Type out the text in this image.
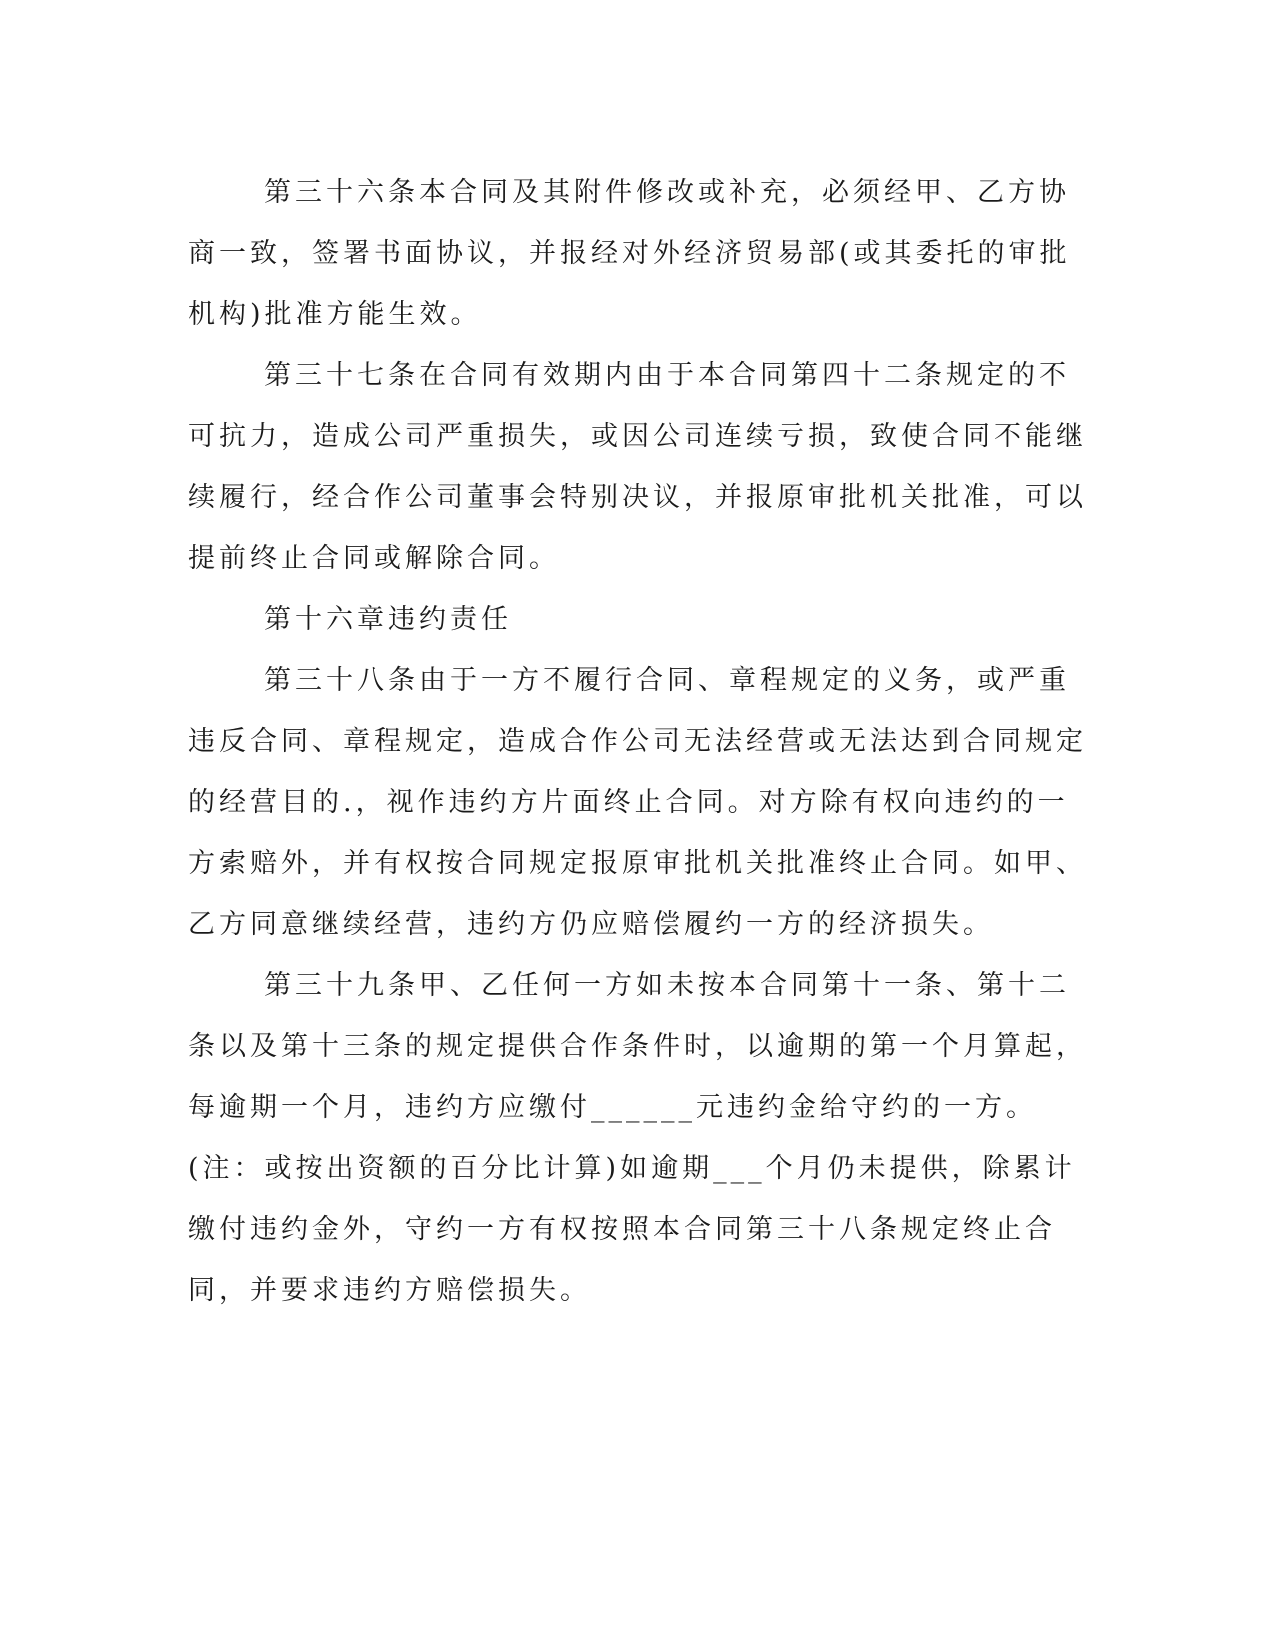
第三十六条本合同及其附件修改或补充，必须经甲、乙方协商一致，签署书面协议，并报经对外经济贸易部(或其委托的审批机构)批准方能生效。

第三十七条在合同有效期内由于本合同第四十二条规定的不可抗力，造成公司严重损失，或因公司连续亏损，致使合同不能继续履行，经合作公司董事会特别决议，并报原审批机关批准，可以提前终止合同或解除合同。

第十六章违约责任

第三十八条由于一方不履行合同、章程规定的义务，或严重违反合同、章程规定，造成合作公司无法经营或无法达到合同规定的经营目的.，视作违约方片面终止合同。对方除有权向违约的一方索赔外，并有权按合同规定报原审批机关批准终止合同。如甲、乙方同意继续经营，违约方仍应赔偿履约一方的经济损失。

第三十九条甲、乙任何一方如未按本合同第十一条、第十二条以及第十三条的规定提供合作条件时，以逾期的第一个月算起，每逾期一个月，违约方应缴付______元违约金给守约的一方。(注：或按出资额的百分比计算)如逾期___个月仍未提供，除累计缴付违约金外，守约一方有权按照本合同第三十八条规定终止合同，并要求违约方赔偿损失。
